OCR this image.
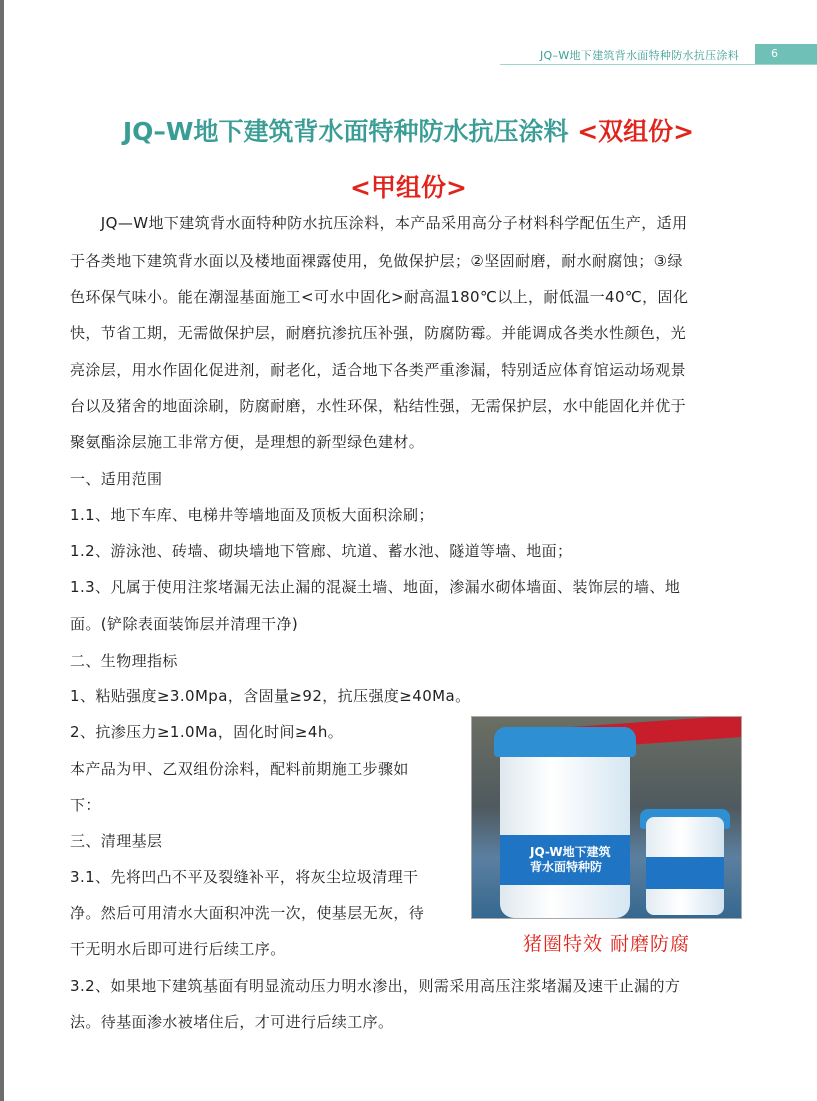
JQ–W地下建筑背水面特种防水抗压涂料	6
JQ–W地下建筑背水面特种防水抗压涂料 <双组份>
<甲组份>
　　JQ—W地下建筑背水面特种防水抗压涂料，本产品采用高分子材料科学配伍生产，适用
于各类地下建筑背水面以及楼地面裸露使用，免做保护层；②坚固耐磨，耐水耐腐蚀；③绿
色环保气味小。能在潮湿基面施工<可水中固化>耐高温180℃以上，耐低温一40℃，固化
快，节省工期，无需做保护层，耐磨抗渗抗压补强，防腐防霉。并能调成各类水性颜色，光
亮涂层，用水作固化促进剂，耐老化，适合地下各类严重渗漏，特别适应体育馆运动场观景
台以及猪舍的地面涂刷，防腐耐磨，水性环保，粘结性强，无需保护层，水中能固化并优于
聚氨酯涂层施工非常方便，是理想的新型绿色建材。
一、适用范围
1.1、地下车库、电梯井等墙地面及顶板大面积涂刷；
1.2、游泳池、砖墙、砌块墙地下管廊、坑道、蓄水池、隧道等墙、地面；
1.3、凡属于使用注浆堵漏无法止漏的混凝土墙、地面，渗漏水砌体墙面、装饰层的墙、地
面。(铲除表面装饰层并清理干净)
二、生物理指标
1、粘贴强度≥3.0Mpa，含固量≥92，抗压强度≥40Ma。
2、抗渗压力≥1.0Ma，固化时间≥4h。
本产品为甲、乙双组份涂料，配料前期施工步骤如
下：
三、清理基层
3.1、先将凹凸不平及裂缝补平，将灰尘垃圾清理干
净。然后可用清水大面积冲洗一次，使基层无灰，待
干无明水后即可进行后续工序。
3.2、如果地下建筑基面有明显流动压力明水渗出，则需采用高压注浆堵漏及速干止漏的方
法。待基面渗水被堵住后，才可进行后续工序。
JQ-W地下建筑
背水面特种防
猪圈特效 耐磨防腐
